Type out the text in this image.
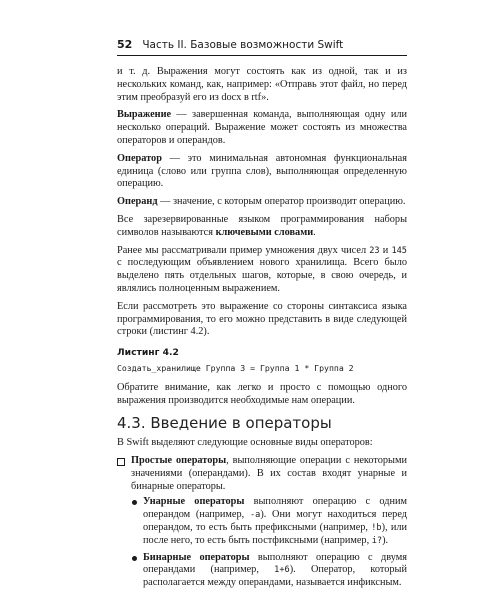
52 Часть II. Базовые возможности Swift

и т. д. Выражения могут состоять как из одной, так и из нескольких команд, как, например: «Отправь этот файл, но перед этим преобразуй его из docx в rtf».

Выражение — завершенная команда, выполняющая одну или несколько операций. Выражение может состоять из множества операторов и операндов.

Оператор — это минимальная автономная функциональная единица (слово или группа слов), выполняющая определенную операцию.

Операнд — значение, с которым оператор производит операцию.

Все зарезервированные языком программирования наборы символов называются ключевыми словами.

Ранее мы рассматривали пример умножения двух чисел 23 и 145 с последующим объявлением нового хранилища. Всего было выделено пять отдельных шагов, которые, в свою очередь, и являлись полноценным выражением.

Если рассмотреть это выражение со стороны синтаксиса языка программирования, то его можно представить в виде следующей строки (листинг 4.2).

Листинг 4.2
Создать_хранилище Группа 3 = Группа 1 * Группа 2

Обратите внимание, как легко и просто с помощью одного выражения производится необходимые нам операции.

4.3. Введение в операторы

В Swift выделяют следующие основные виды операторов:

Простые операторы, выполняющие операции с некоторыми значениями (операндами). В их состав входят унарные и бинарные операторы.
Унарные операторы выполняют операцию с одним операндом (например, -a). Они могут находиться перед операндом, то есть быть префиксными (например, !b), или после него, то есть быть постфиксными (например, i?).
Бинарные операторы выполняют операцию с двумя операндами (например, 1+6). Оператор, который располагается между операндами, называется инфиксным.
